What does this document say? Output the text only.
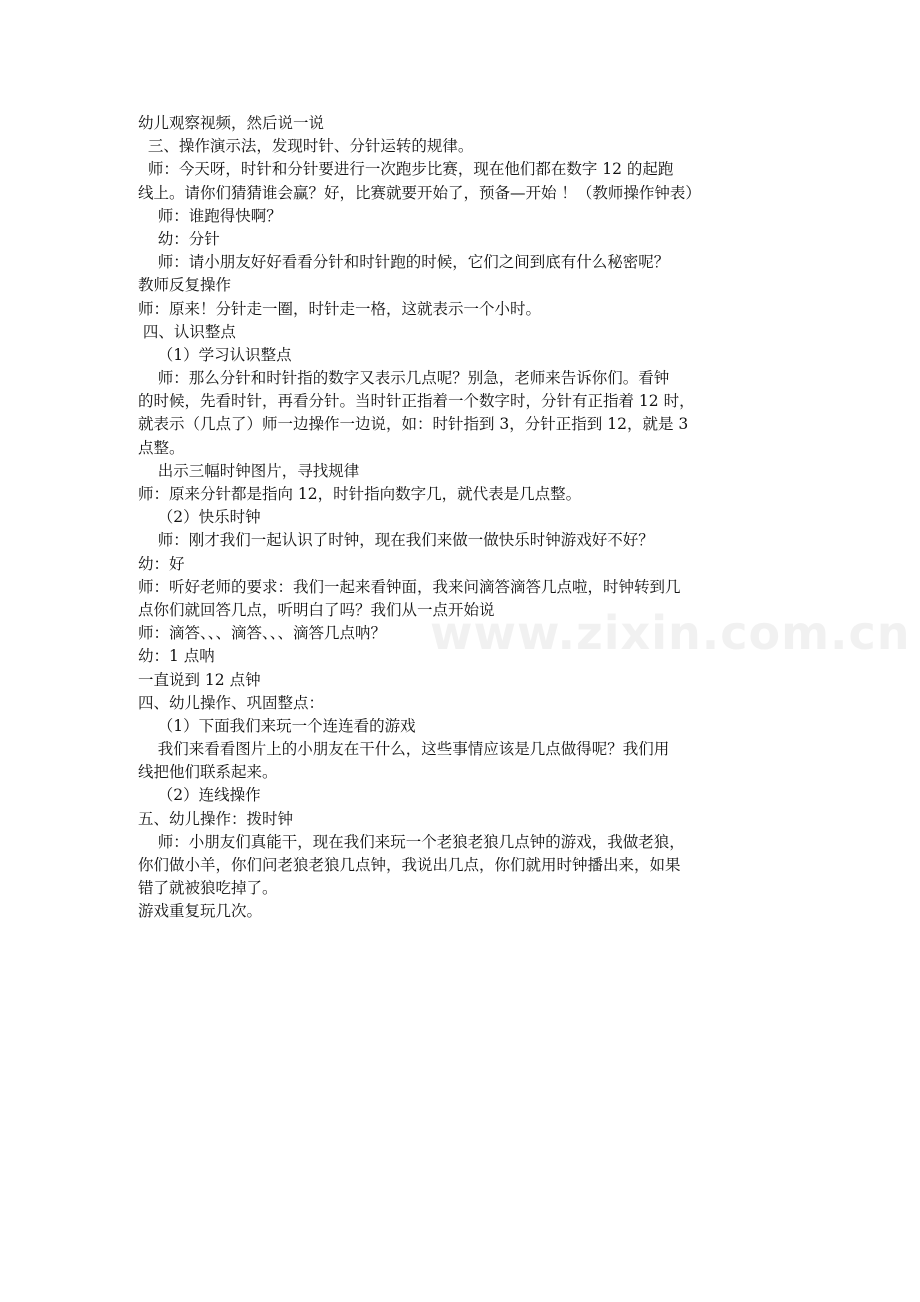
幼儿观察视频，然后说一说
三、操作演示法，发现时针、分针运转的规律。
师：今天呀，时针和分针要进行一次跑步比赛，现在他们都在数字 12 的起跑
线上。请你们猜猜谁会赢？好，比赛就要开始了，预备—开始 ！（教师操作钟表）
师：谁跑得快啊？
幼：分针
师：请小朋友好好看看分针和时针跑的时候，它们之间到底有什么秘密呢？
教师反复操作
师：原来！分针走一圈，时针走一格，这就表示一个小时。
四、认识整点
（1）学习认识整点
师：那么分针和时针指的数字又表示几点呢？别急，老师来告诉你们。看钟
的时候，先看时针，再看分针。当时针正指着一个数字时，分针有正指着 12 时，
就表示（几点了）师一边操作一边说，如：时针指到 3，分针正指到 12，就是 3
点整。
出示三幅时钟图片，寻找规律
师：原来分针都是指向 12，时针指向数字几，就代表是几点整。
（2）快乐时钟
师：刚才我们一起认识了时钟，现在我们来做一做快乐时钟游戏好不好？
幼：好
师：听好老师的要求：我们一起来看钟面，我来问滴答滴答几点啦，时钟转到几
点你们就回答几点，听明白了吗？我们从一点开始说
师：滴答、、、滴答、、、滴答几点呐？
幼：1 点呐
一直说到 12 点钟
四、幼儿操作、巩固整点：
（1）下面我们来玩一个连连看的游戏
我们来看看图片上的小朋友在干什么，这些事情应该是几点做得呢？我们用
线把他们联系起来。
（2）连线操作
五、幼儿操作：拨时钟
师：小朋友们真能干，现在我们来玩一个老狼老狼几点钟的游戏，我做老狼，
你们做小羊，你们问老狼老狼几点钟，我说出几点，你们就用时钟播出来，如果
错了就被狼吃掉了。
游戏重复玩几次。
www.zixin.com.cn
